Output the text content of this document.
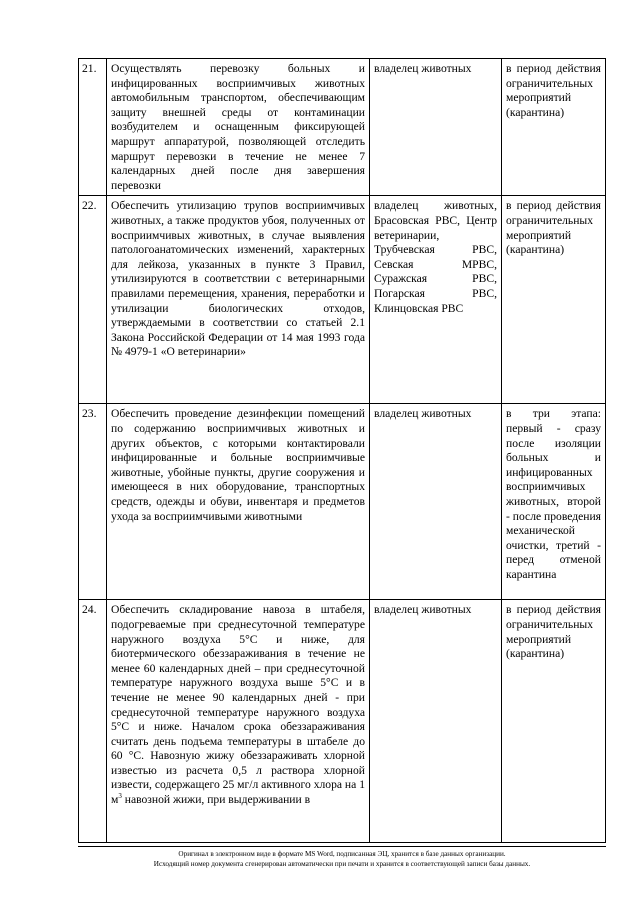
21.	Осуществлять перевозку больных и инфицированных восприимчивых животных автомобильным транспортом, обеспечивающим защиту внешней среды от контаминации возбудителем и оснащенным фиксирующей маршрут аппаратурой, позволяющей отследить маршрут перевозки в течение не менее 7 календарных дней после дня завершения перевозки	владелец животных	в период действия ограничительных мероприятий (карантина)
22.	Обеспечить утилизацию трупов восприимчивых животных, а также продуктов убоя, полученных от восприимчивых животных, в случае выявления патологоанатомических изменений, характерных для лейкоза, указанных в пункте 3 Правил, утилизируются в соответствии с ветеринарными правилами перемещения, хранения, переработки и утилизации биологических отходов, утверждаемыми в соответствии со статьей 2.1 Закона Российской Федерации от 14 мая 1993 года № 4979-1 «О ветеринарии»	владелец животных, Брасовская РВС, Центр ветеринарии, Трубчевская РВС, Севская МРВС, Суражская РВС, Погарская РВС, Клинцовская РВС	в период действия ограничительных мероприятий (карантина)
23.	Обеспечить проведение дезинфекции помещений по содержанию восприимчивых животных и других объектов, с которыми контактировали инфицированные и больные восприимчивые животные, убойные пункты, другие сооружения и имеющееся в них оборудование, транспортных средств, одежды и обуви, инвентаря и предметов ухода за восприимчивыми животными	владелец животных	в три этапа: первый - сразу после изоляции больных и инфицированных восприимчивых животных, второй - после проведения механической очистки, третий - перед отменой карантина
24.	Обеспечить складирование навоза в штабеля, подогреваемые при среднесуточной температуре наружного воздуха 5°С и ниже, для биотермического обеззараживания в течение не менее 60 календарных дней – при среднесуточной температуре наружного воздуха выше 5°С и в течение не менее 90 календарных дней - при среднесуточной температуре наружного воздуха 5°С и ниже. Началом срока обеззараживания считать день подъема температуры в штабеле до 60 °С. Навозную жижу обеззараживать хлорной известью из расчета 0,5 л раствора хлорной извести, содержащего 25 мг/л активного хлора на 1 $м^3$ навозной жижи, при выдерживании в	владелец животных	в период действия ограничительных мероприятий (карантина)
Оригинал в электронном виде в формате MS Word, подписанная ЭЦ, хранится в базе данных организации.
Исходящий номер документа сгенерирован автоматически при печати и хранится в соответствующей записи базы данных.
